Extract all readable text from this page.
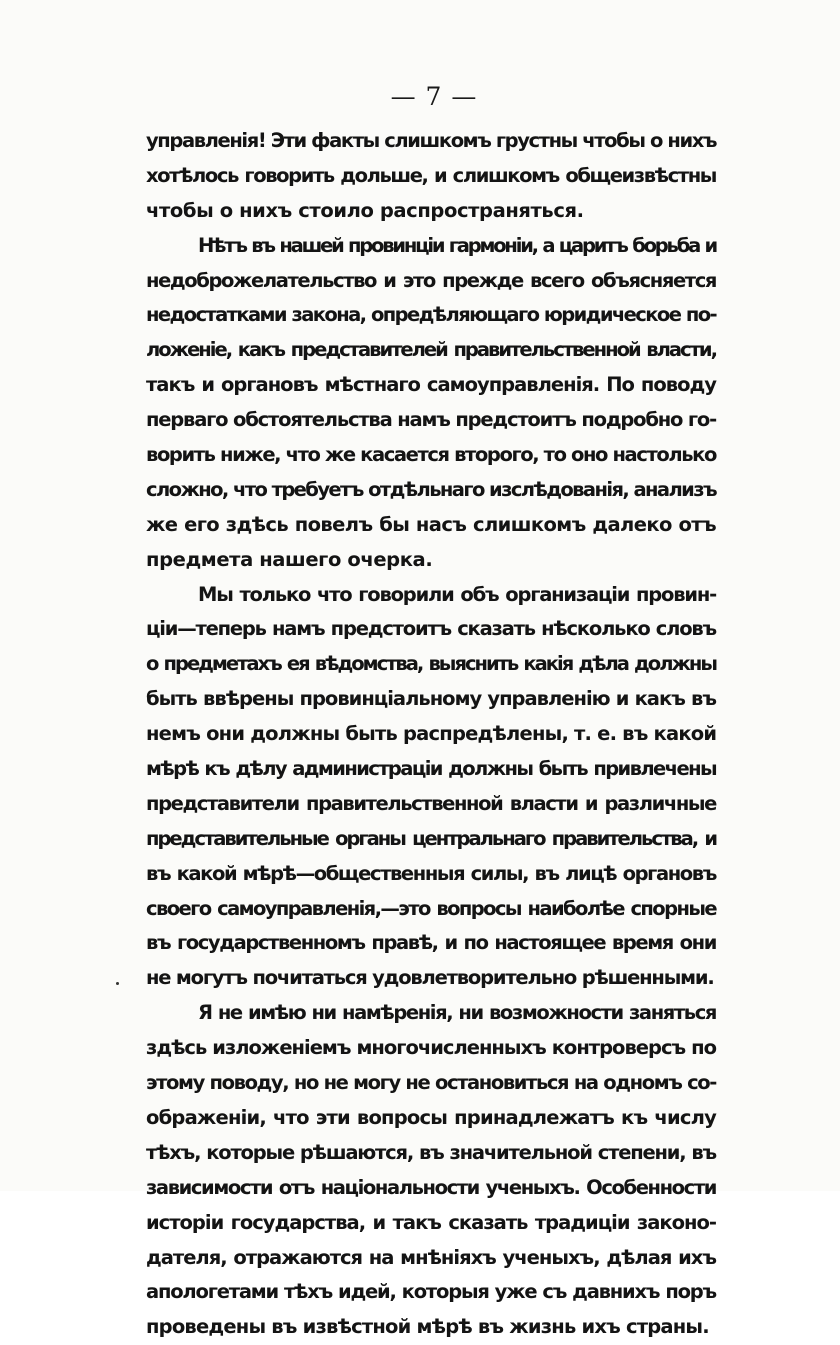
— 7 —
управленія! Эти факты слишкомъ грустны чтобы о нихъ
хотѣлось говорить дольше, и слишкомъ общеизвѣстны
чтобы о нихъ стоило распространяться.
Нѣтъ въ нашей провинціи гармоніи, а царитъ борьба и
недоброжелательство и это прежде всего объясняется
недостатками закона, опредѣляющаго юридическое по-
ложеніе, какъ представителей правительственной власти,
такъ и органовъ мѣстнаго самоуправленія. По поводу
перваго обстоятельства намъ предстоитъ подробно го-
ворить ниже, что же касается второго, то оно настолько
сложно, что требуетъ отдѣльнаго изслѣдованія, анализъ
же его здѣсь повелъ бы насъ слишкомъ далеко отъ
предмета нашего очерка.
Мы только что говорили объ организаціи провин-
ціи—теперь намъ предстоитъ сказать нѣсколько словъ
о предметахъ ея вѣдомства, выяснить какія дѣла должны
быть ввѣрены провинціальному управленію и какъ въ
немъ они должны быть распредѣлены, т. е. въ какой
мѣрѣ къ дѣлу администраціи должны быть привлечены
представители правительственной власти и различные
представительные органы центральнаго правительства, и
въ какой мѣрѣ—общественныя силы, въ лицѣ органовъ
своего самоуправленія,—это вопросы наиболѣе спорные
въ государственномъ правѣ, и по настоящее время они
не могутъ почитаться удовлетворительно рѣшенными.
Я не имѣю ни намѣренія, ни возможности заняться
здѣсь изложеніемъ многочисленныхъ контроверсъ по
этому поводу, но не могу не остановиться на одномъ со-
ображеніи, что эти вопросы принадлежатъ къ числу
тѣхъ, которые рѣшаются, въ значительной степени, въ
зависимости отъ національности ученыхъ. Особенности
исторіи государства, и такъ сказать традиціи законо-
дателя, отражаются на мнѣніяхъ ученыхъ, дѣлая ихъ
апологетами тѣхъ идей, которыя уже съ давнихъ поръ
проведены въ извѣстной мѣрѣ въ жизнь ихъ страны.
